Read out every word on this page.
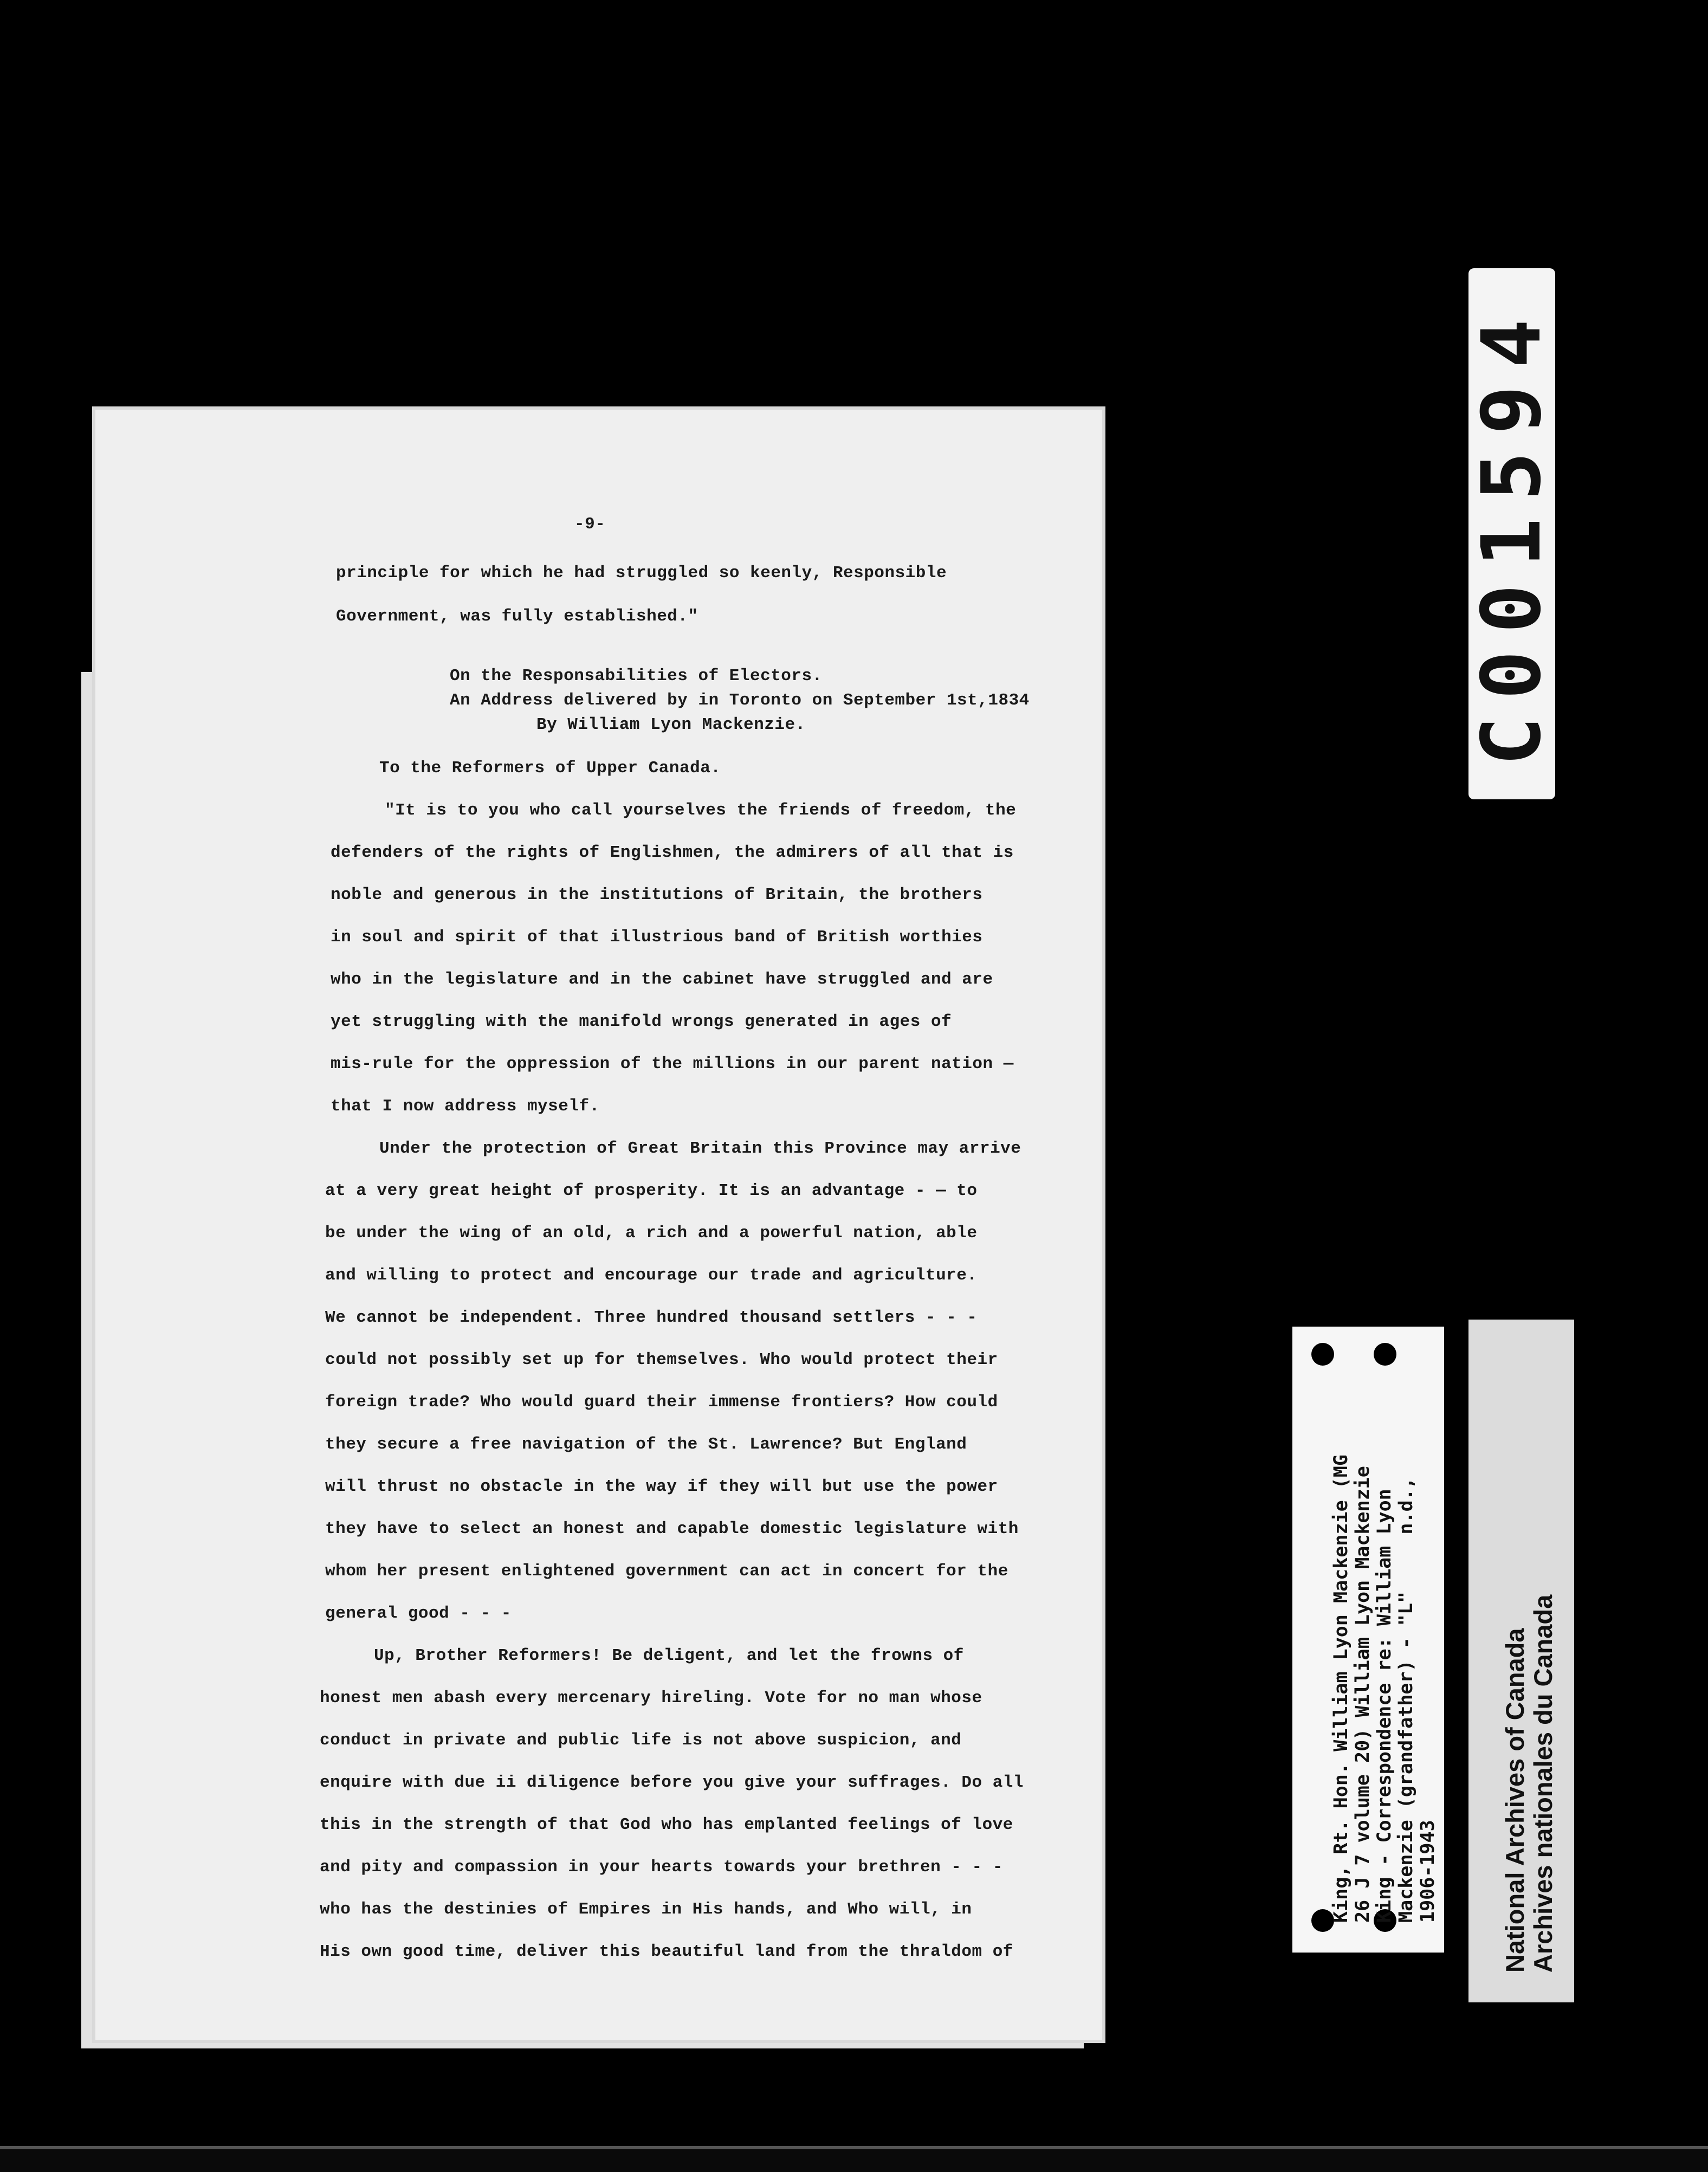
-9-
principle for which he had struggled so keenly, Responsible
Government, was fully established."
On the Responsabilities of Electors.
An Address delivered by in Toronto on September 1st,1834
By William Lyon Mackenzie.
To the Reformers of Upper Canada.
"It is to you who call yourselves the friends of freedom, the
defenders of the rights of Englishmen, the admirers of all that is
noble and generous in the institutions of Britain, the brothers
in soul and spirit of that illustrious band of British worthies
who in the legislature and in the cabinet have struggled and are
yet struggling with the manifold wrongs generated in ages of
mis-rule for the oppression of the millions in our parent nation —
that I now address myself.
Under the protection of Great Britain this Province may arrive
at a very great height of prosperity. It is an advantage - — to
be under the wing of an old, a rich and a powerful nation, able
and willing to protect and encourage our trade and agriculture.
We cannot be independent. Three hundred thousand settlers - - -
could not possibly set up for themselves. Who would protect their
foreign trade? Who would guard their immense frontiers? How could
they secure a free navigation of the St. Lawrence? But England
will thrust no obstacle in the way if they will but use the power
they have to select an honest and capable domestic legislature with
whom her present enlightened government can act in concert for the
general good - - -
Up, Brother Reformers! Be deligent, and let the frowns of
honest men abash every mercenary hireling. Vote for no man whose
conduct in private and public life is not above suspicion, and
enquire with due ii diligence before you give your suffrages. Do all
this in the strength of that God who has emplanted feelings of love
and pity and compassion in your hearts towards your brethren - - -
who has the destinies of Empires in His hands, and Who will, in
His own good time, deliver this beautiful land from the thraldom of
C001594
King, Rt. Hon. William Lyon Mackenzie (MG 26 J 7 volume 20) William Lyon Mackenzie King - Correspondence re: William Lyon Mackenzie (grandfather) - "L"     n.d., 1906-1943 National Archives of Canada Archives nationales du Canada
